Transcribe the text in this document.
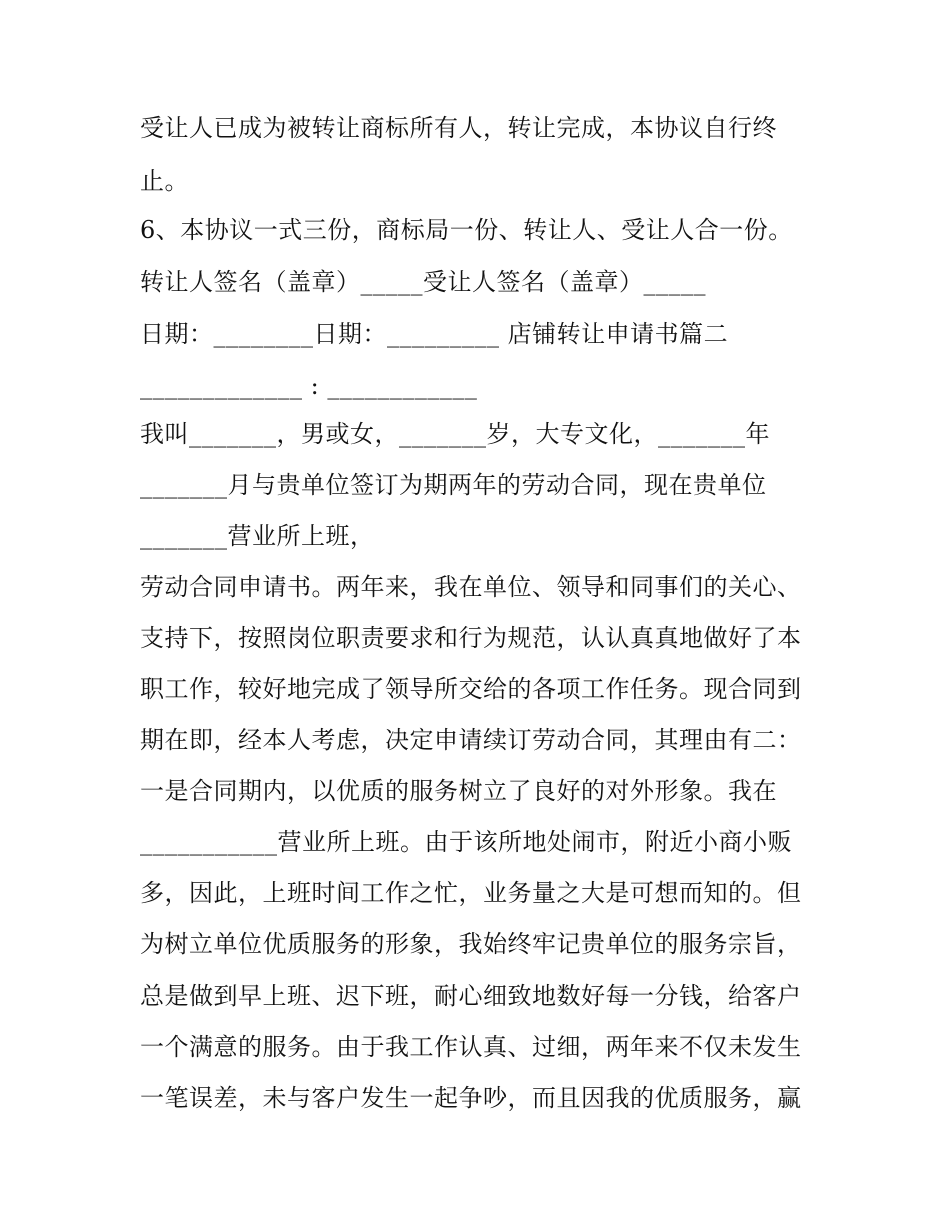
受让人已成为被转让商标所有人，转让完成，本协议自行终
止。
6、本协议一式三份，商标局一份、转让人、受让人合一份。
转让人签名（盖章）_____受让人签名（盖章）_____
日期：________日期：_________ 店铺转让申请书篇二
_____________ : ____________
我叫_______，男或女，_______岁，大专文化，_______年
_______月与贵单位签订为期两年的劳动合同，现在贵单位
_______营业所上班，
劳动合同申请书。两年来，我在单位、领导和同事们的关心、
支持下，按照岗位职责要求和行为规范，认认真真地做好了本
职工作，较好地完成了领导所交给的各项工作任务。现合同到
期在即，经本人考虑，决定申请续订劳动合同，其理由有二：
一是合同期内，以优质的服务树立了良好的对外形象。我在
___________营业所上班。由于该所地处闹市，附近小商小贩
多，因此，上班时间工作之忙，业务量之大是可想而知的。但
为树立单位优质服务的形象，我始终牢记贵单位的服务宗旨，
总是做到早上班、迟下班，耐心细致地数好每一分钱，给客户
一个满意的服务。由于我工作认真、过细，两年来不仅未发生
一笔误差，未与客户发生一起争吵，而且因我的优质服务，赢
